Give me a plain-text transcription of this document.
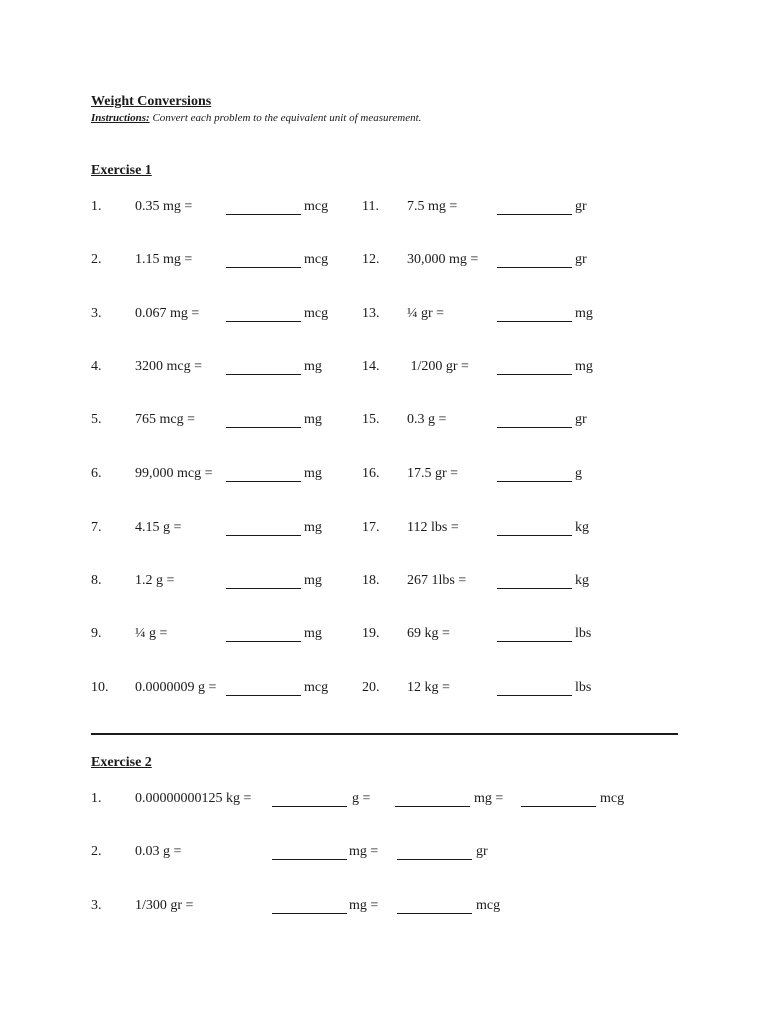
Weight Conversions
Instructions: Convert each problem to the equivalent unit of measurement.
Exercise 1
1. 0.35 mg =	mcg
2. 1.15 mg =	mcg
3. 0.067 mg =	mcg
4. 3200 mcg =	mg
5. 765 mcg =	mg
6. 99,000 mcg =	mg
7. 4.15 g =	mg
8. 1.2 g =	mg
9. ¼ g =	mg
10. 0.0000009 g =	mcg
11. 7.5 mg =	gr
12. 30,000 mg =	gr
13. ¼ gr =	mg
14. 1/200 gr =	mg
15. 0.3 g =	gr
16. 17.5 gr =	g
17. 112 lbs =	kg
18. 267 1lbs =	kg
19. 69 kg =	lbs
20. 12 kg =	lbs
Exercise 2
1. 0.00000000125 kg =	g =	mg =	mcg
2. 0.03 g =	mg =	gr
3. 1/300 gr =	mg =	mcg
